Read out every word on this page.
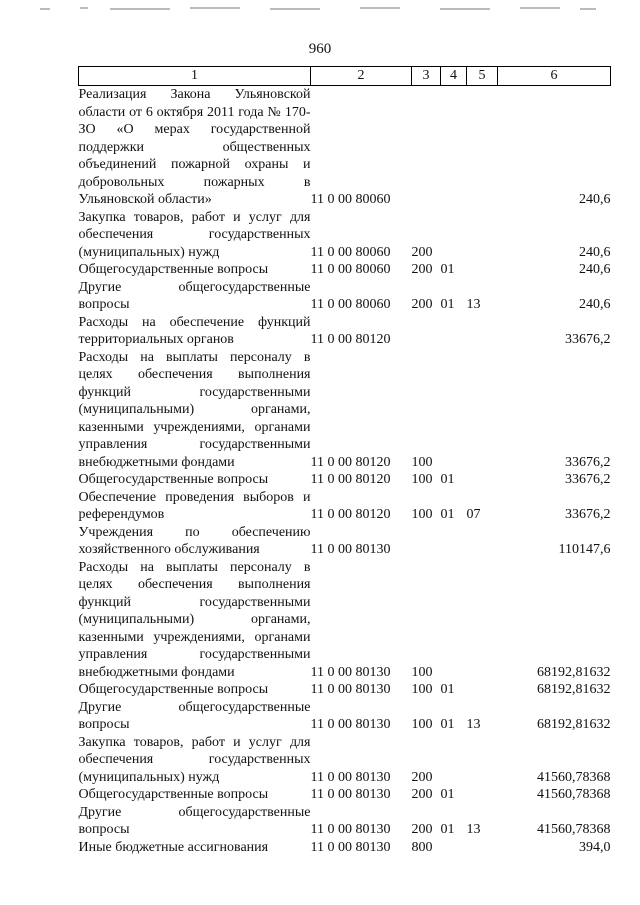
960
1	2	3	4	5	6
Реализация Закона Ульяновской области от 6 октября 2011 года № 170-ЗО «О мерах государственной поддержки общественных объединений пожарной охраны и добровольных пожарных в Ульяновской области»	11 0 00 80060				240,6
Закупка товаров, работ и услуг для обеспечения государственных (муниципальных) нужд	11 0 00 80060	200			240,6
Общегосударственные вопросы	11 0 00 80060	200	01		240,6
Другие общегосударственные вопросы	11 0 00 80060	200	01	13	240,6
Расходы на обеспечение функций территориальных органов	11 0 00 80120				33676,2
Расходы на выплаты персоналу в целях обеспечения выполнения функций государственными (муниципальными) органами, казенными учреждениями, органами управления государственными внебюджетными фондами	11 0 00 80120	100			33676,2
Общегосударственные вопросы	11 0 00 80120	100	01		33676,2
Обеспечение проведения выборов и референдумов	11 0 00 80120	100	01	07	33676,2
Учреждения по обеспечению хозяйственного обслуживания	11 0 00 80130				110147,6
Расходы на выплаты персоналу в целях обеспечения выполнения функций государственными (муниципальными) органами, казенными учреждениями, органами управления государственными внебюджетными фондами	11 0 00 80130	100			68192,81632
Общегосударственные вопросы	11 0 00 80130	100	01		68192,81632
Другие общегосударственные вопросы	11 0 00 80130	100	01	13	68192,81632
Закупка товаров, работ и услуг для обеспечения государственных (муниципальных) нужд	11 0 00 80130	200			41560,78368
Общегосударственные вопросы	11 0 00 80130	200	01		41560,78368
Другие общегосударственные вопросы	11 0 00 80130	200	01	13	41560,78368
Иные бюджетные ассигнования	11 0 00 80130	800			394,0
